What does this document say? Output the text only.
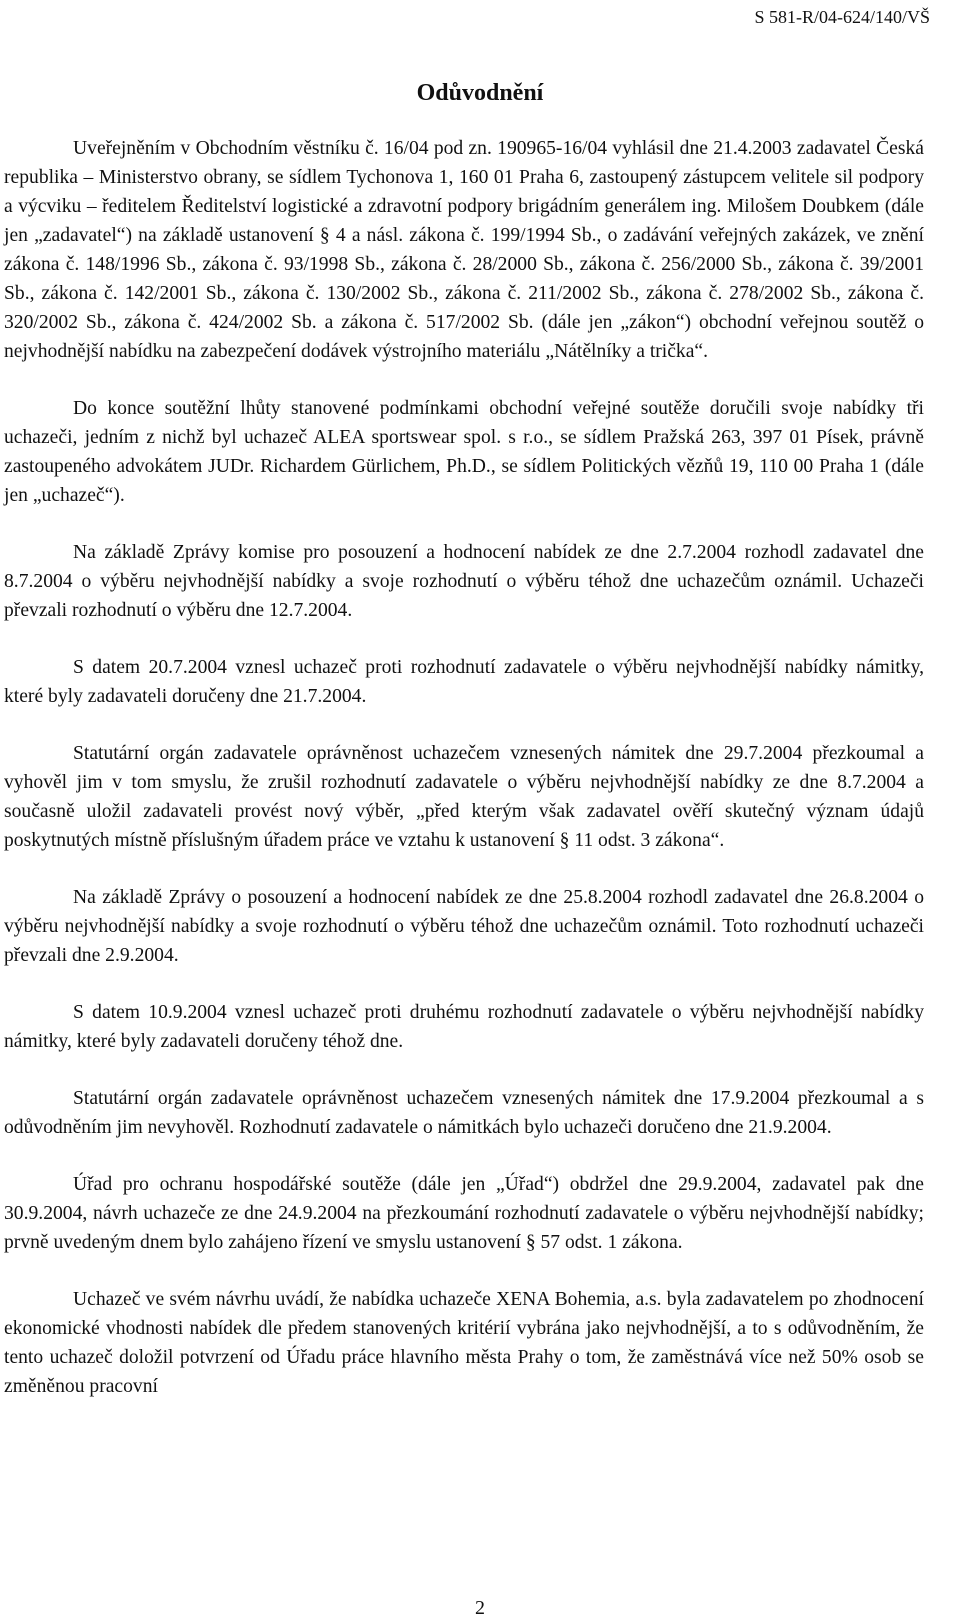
S 581-R/04-624/140/VŠ
Odůvodnění

Uveřejněním v Obchodním věstníku č. 16/04 pod zn. 190965-16/04 vyhlásil dne 21.4.2003 zadavatel Česká republika – Ministerstvo obrany, se sídlem Tychonova 1, 160 01 Praha 6, zastoupený zástupcem velitele sil podpory a výcviku – ředitelem Ředitelství logistické a zdravotní podpory brigádním generálem ing. Milošem Doubkem (dále jen „zadavatel“) na základě ustanovení § 4 a násl. zákona č. 199/1994 Sb., o zadávání veřejných zakázek, ve znění zákona č. 148/1996 Sb., zákona č. 93/1998 Sb., zákona č. 28/2000 Sb., zákona č. 256/2000 Sb., zákona č. 39/2001 Sb., zákona č. 142/2001 Sb., zákona č. 130/2002 Sb., zákona č. 211/2002 Sb., zákona č. 278/2002 Sb., zákona č. 320/2002 Sb., zákona č. 424/2002 Sb. a zákona č. 517/2002 Sb. (dále jen „zákon“) obchodní veřejnou soutěž o nejvhodnější nabídku na zabezpečení dodávek výstrojního materiálu „Nátělníky a trička“.

Do konce soutěžní lhůty stanovené podmínkami obchodní veřejné soutěže doručili svoje nabídky tři uchazeči, jedním z nichž byl uchazeč ALEA sportswear spol. s r.o., se sídlem Pražská 263, 397 01 Písek, právně zastoupeného advokátem JUDr. Richardem Gürlichem, Ph.D., se sídlem Politických vězňů 19, 110 00 Praha 1 (dále jen „uchazeč“).

Na základě Zprávy komise pro posouzení a hodnocení nabídek ze dne 2.7.2004 rozhodl zadavatel dne 8.7.2004 o výběru nejvhodnější nabídky a svoje rozhodnutí o výběru téhož dne uchazečům oznámil. Uchazeči převzali rozhodnutí o výběru dne 12.7.2004.

S datem 20.7.2004 vznesl uchazeč proti rozhodnutí zadavatele o výběru nejvhodnější nabídky námitky, které byly zadavateli doručeny dne 21.7.2004.

Statutární orgán zadavatele oprávněnost uchazečem vznesených námitek dne 29.7.2004 přezkoumal a vyhověl jim v tom smyslu, že zrušil rozhodnutí zadavatele o výběru nejvhodnější nabídky ze dne 8.7.2004 a současně uložil zadavateli provést nový výběr, „před kterým však zadavatel ověří skutečný význam údajů poskytnutých místně příslušným úřadem práce ve vztahu k ustanovení § 11 odst. 3 zákona“.

Na základě Zprávy o posouzení a hodnocení nabídek ze dne 25.8.2004 rozhodl zadavatel dne 26.8.2004 o výběru nejvhodnější nabídky a svoje rozhodnutí o výběru téhož dne uchazečům oznámil. Toto rozhodnutí uchazeči převzali dne 2.9.2004.

S datem 10.9.2004 vznesl uchazeč proti druhému rozhodnutí zadavatele o výběru nejvhodnější nabídky námitky, které byly zadavateli doručeny téhož dne.

Statutární orgán zadavatele oprávněnost uchazečem vznesených námitek dne 17.9.2004 přezkoumal a s odůvodněním jim nevyhověl. Rozhodnutí zadavatele o námitkách bylo uchazeči doručeno dne 21.9.2004.

Úřad pro ochranu hospodářské soutěže (dále jen „Úřad“) obdržel dne 29.9.2004, zadavatel pak dne 30.9.2004, návrh uchazeče ze dne 24.9.2004 na přezkoumání rozhodnutí zadavatele o výběru nejvhodnější nabídky; prvně uvedeným dnem bylo zahájeno řízení ve smyslu ustanovení § 57 odst. 1 zákona.

Uchazeč ve svém návrhu uvádí, že nabídka uchazeče XENA Bohemia, a.s. byla zadavatelem po zhodnocení ekonomické vhodnosti nabídek dle předem stanovených kritérií vybrána jako nejvhodnější, a to s odůvodněním, že tento uchazeč doložil potvrzení od Úřadu práce hlavního města Prahy o tom, že zaměstnává více než 50% osob se změněnou pracovní

2
